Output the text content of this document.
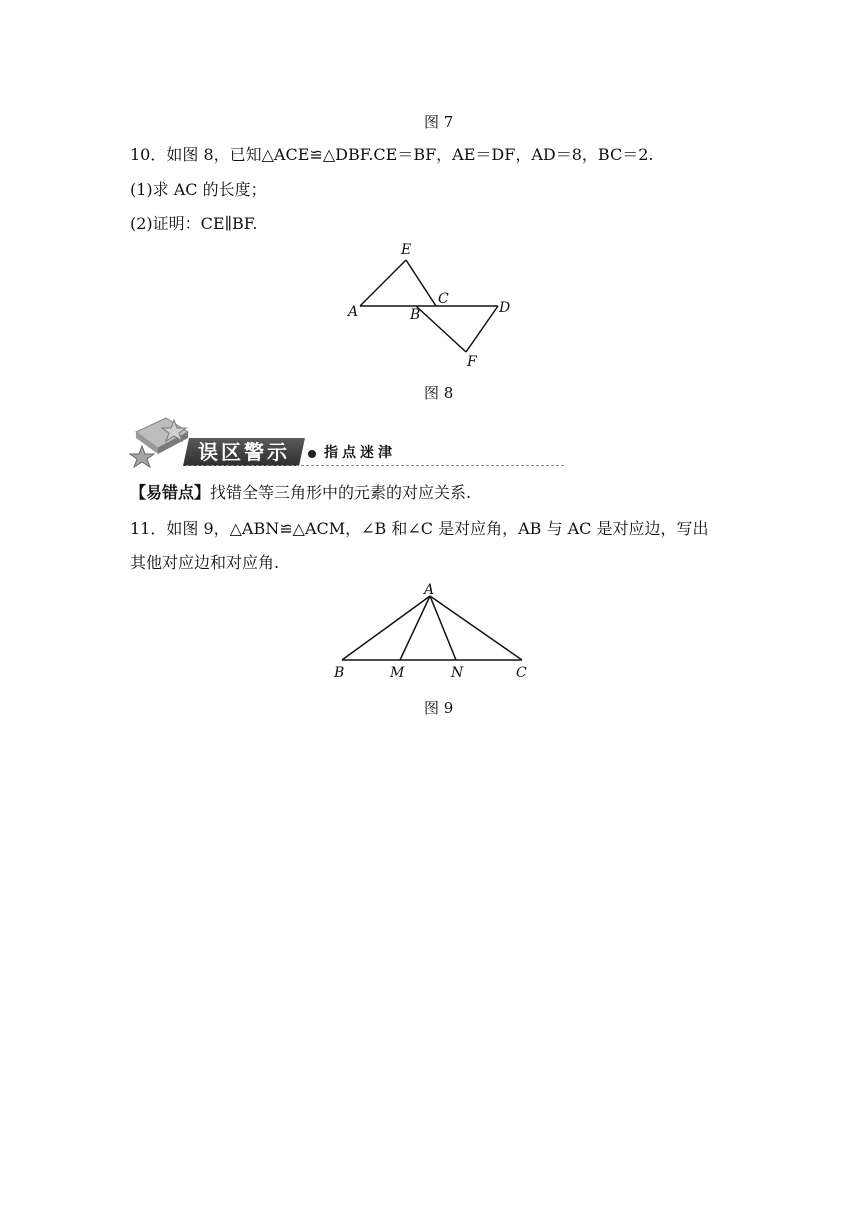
图 7
10．如图 8，已知△ACE≌△DBF.CE＝BF，AE＝DF，AD＝8，BC＝2.
(1)求 AC 的长度；
(2)证明：CE∥BF.
E
A
C
B	D
F
图 8
误区警示	指点迷津
【易错点】找错全等三角形中的元素的对应关系.
11．如图 9，△ABN≌△ACM，∠B 和∠C 是对应角，AB 与 AC 是对应边，写出
其他对应边和对应角.
A
B	M	N	C
图 9
